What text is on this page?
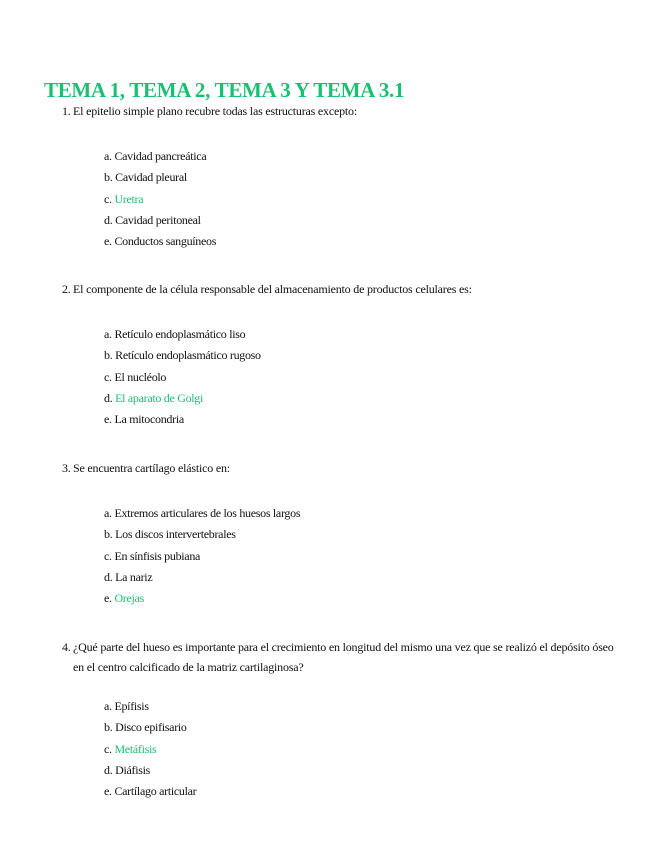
TEMA 1, TEMA 2, TEMA 3 Y TEMA 3.1
1. El epitelio simple plano recubre todas las estructuras excepto:
a. Cavidad pancreática
b. Cavidad pleural
c. Uretra
d. Cavidad peritoneal
e. Conductos sanguíneos
2. El componente de la célula responsable del almacenamiento de productos celulares es:
a. Retículo endoplasmático liso
b. Retículo endoplasmático rugoso
c. El nucléolo
d. El aparato de Golgi
e. La mitocondria
3. Se encuentra cartílago elástico en:
a. Extremos articulares de los huesos largos
b. Los discos intervertebrales
c. En sínfisis pubiana
d. La nariz
e. Orejas
4. ¿Qué parte del hueso es importante para el crecimiento en longitud del mismo una vez que se realizó el depósito óseo en el centro calcificado de la matriz cartilaginosa?
a. Epífisis
b. Disco epifisario
c. Metáfisis
d. Diáfisis
e. Cartílago articular
